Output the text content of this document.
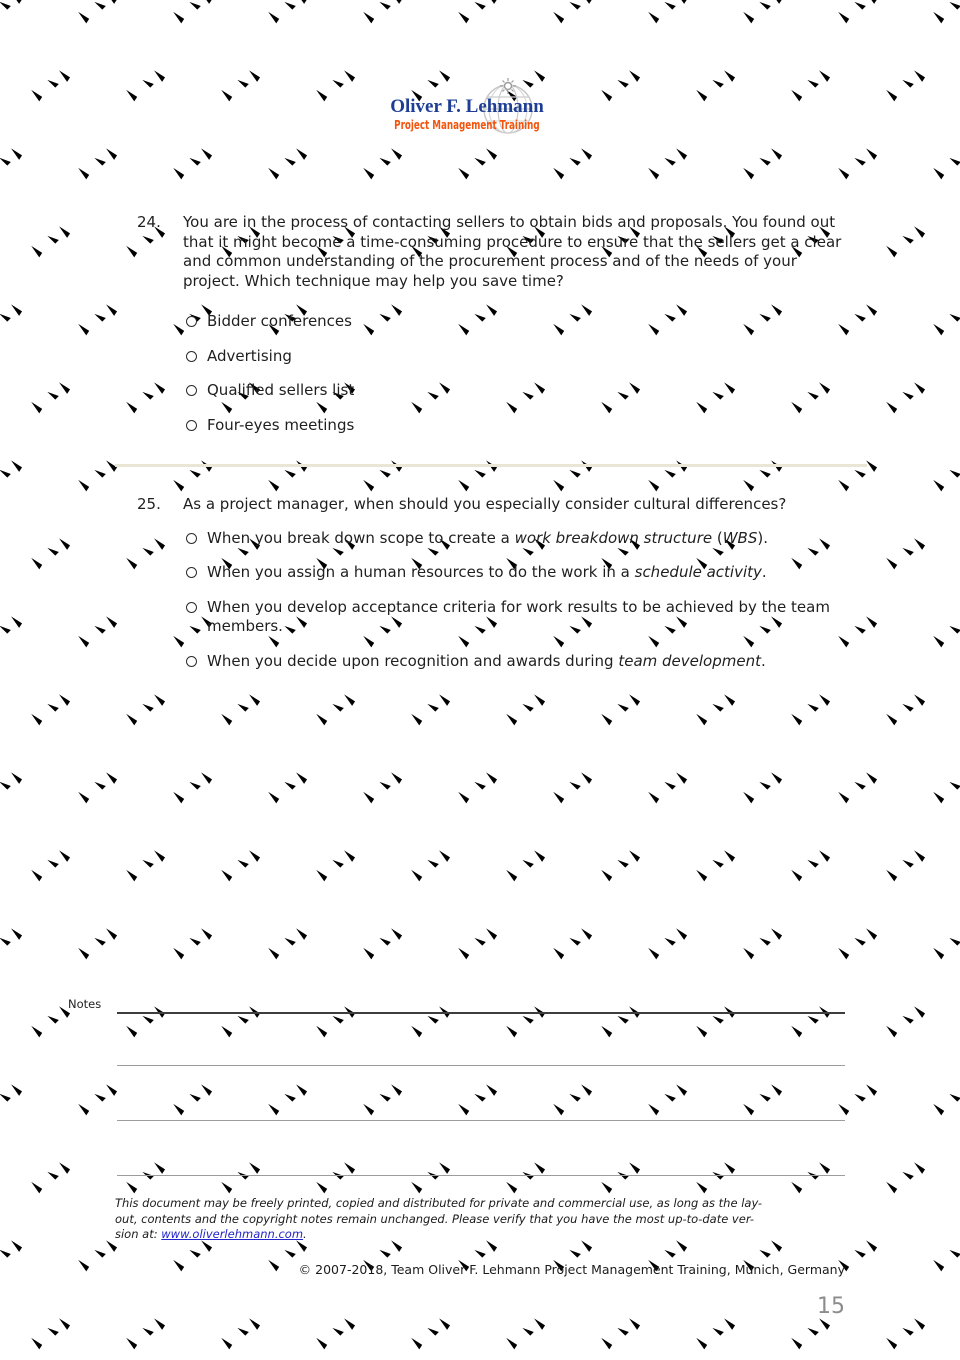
Oliver F. Lehmann
Project Management Training
24.	You are in the process of contacting sellers to obtain bids and proposals. You found out that it might become a time-consuming procedure to ensure that the sellers get a clear and common understanding of the procurement process and of the needs of your project. Which technique may help you save time?
Bidder conferences
Advertising
Qualified sellers list
Four-eyes meetings
25.	As a project manager, when should you especially consider cultural differences?
When you break down scope to create a work breakdown structure (WBS).
When you assign a human resources to do the work in a schedule activity.
When you develop acceptance criteria for work results to be achieved by the team members.
When you decide upon recognition and awards during team development.
Notes

This document may be freely printed, copied and distributed for private and commercial use, as long as the lay-
out, contents and the copyright notes remain unchanged. Please verify that you have the most up-to-date ver-
sion at: www.oliverlehmann.com.

© 2007-2018, Team Oliver F. Lehmann Project Management Training, Munich, Germany
15
